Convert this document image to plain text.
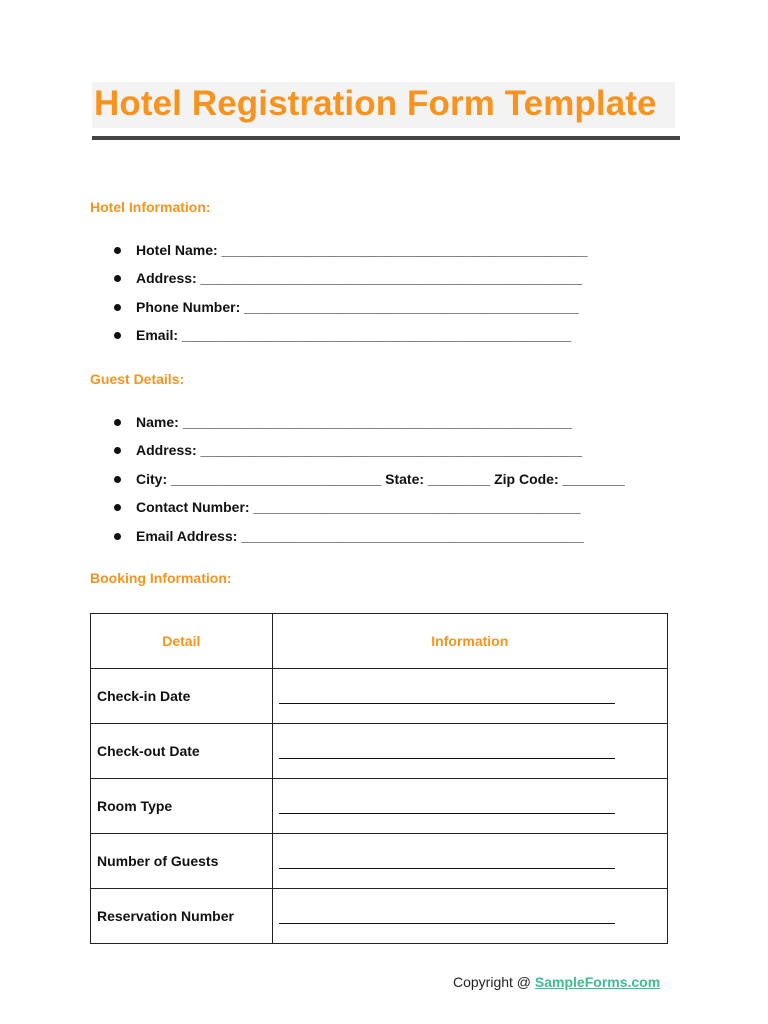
Hotel Registration Form Template
Hotel Information:
Hotel Name: _______________________________________________
Address: _________________________________________________
Phone Number: ___________________________________________
Email: __________________________________________________
Guest Details:
Name: __________________________________________________
Address: _________________________________________________
City: ___________________________ State: ________ Zip Code: ________
Contact Number: __________________________________________
Email Address: ____________________________________________
Booking Information:
Detail	Information
Check-in Date	
Check-out Date	
Room Type	
Number of Guests	
Reservation Number	
Copyright @ SampleForms.com
